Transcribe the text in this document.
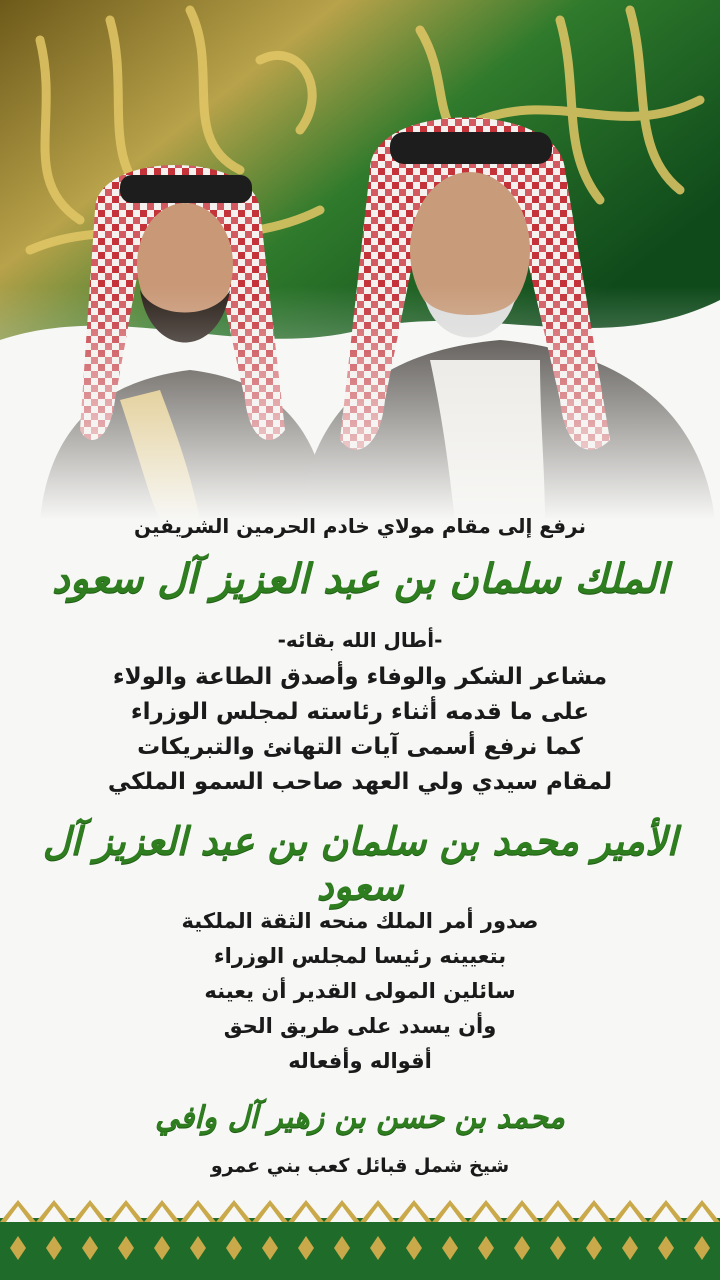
نرفع إلى مقام مولاي خادم الحرمين الشريفين
الملك سلمان بن عبد العزيز آل سعود
-أطال الله بقائه-
مشاعر الشكر والوفاء وأصدق الطاعة والولاء
على ما قدمه أثناء رئاسته لمجلس الوزراء
كما نرفع أسمى آيات التهانئ والتبريكات
لمقام سيدي ولي العهد صاحب السمو الملكي
الأمير محمد بن سلمان بن عبد العزيز آل سعود
صدور أمر الملك منحه الثقة الملكية
بتعيينه رئيسا لمجلس الوزراء
سائلين المولى القدير أن يعينه
وأن يسدد على طريق الحق
أقواله وأفعاله
محمد بن حسن بن زهير آل وافي
شيخ شمل قبائل كعب بني عمرو
